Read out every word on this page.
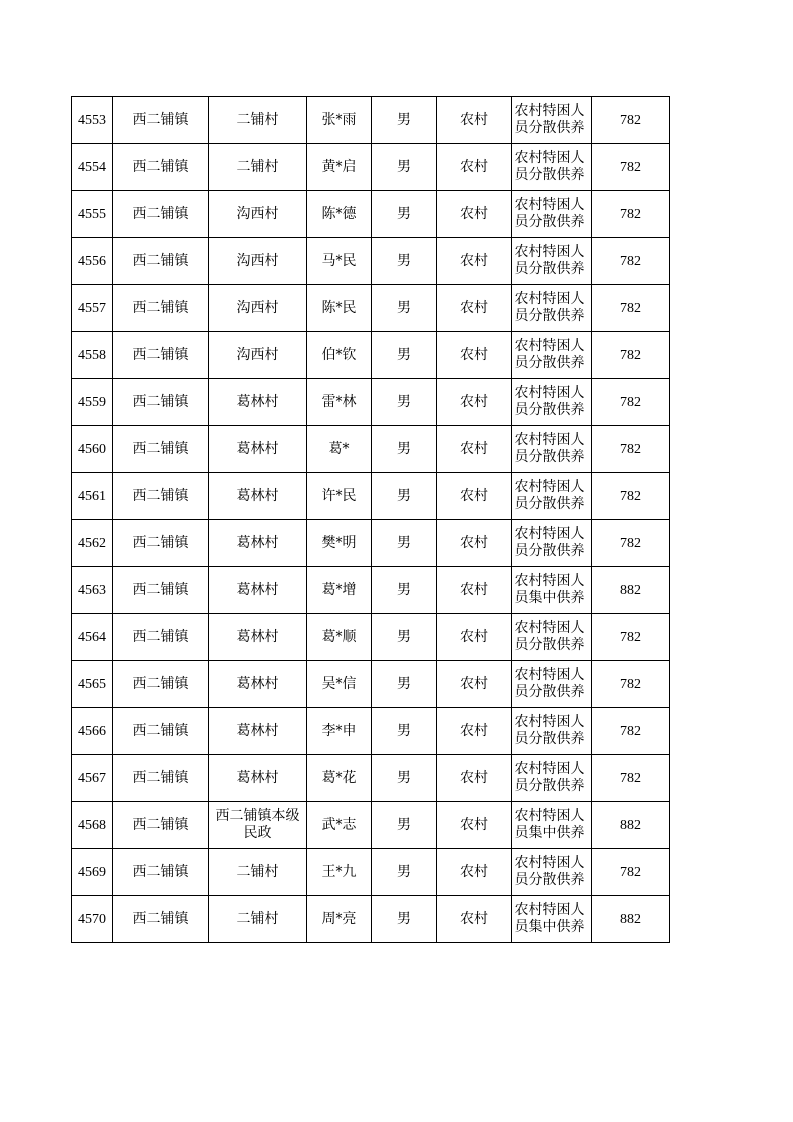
4553	西二铺镇	二铺村	张*雨	男	农村	农村特困人员分散供养	782
4554	西二铺镇	二铺村	黄*启	男	农村	农村特困人员分散供养	782
4555	西二铺镇	沟西村	陈*德	男	农村	农村特困人员分散供养	782
4556	西二铺镇	沟西村	马*民	男	农村	农村特困人员分散供养	782
4557	西二铺镇	沟西村	陈*民	男	农村	农村特困人员分散供养	782
4558	西二铺镇	沟西村	伯*钦	男	农村	农村特困人员分散供养	782
4559	西二铺镇	葛林村	雷*林	男	农村	农村特困人员分散供养	782
4560	西二铺镇	葛林村	葛*	男	农村	农村特困人员分散供养	782
4561	西二铺镇	葛林村	许*民	男	农村	农村特困人员分散供养	782
4562	西二铺镇	葛林村	樊*明	男	农村	农村特困人员分散供养	782
4563	西二铺镇	葛林村	葛*增	男	农村	农村特困人员集中供养	882
4564	西二铺镇	葛林村	葛*顺	男	农村	农村特困人员分散供养	782
4565	西二铺镇	葛林村	吴*信	男	农村	农村特困人员分散供养	782
4566	西二铺镇	葛林村	李*申	男	农村	农村特困人员分散供养	782
4567	西二铺镇	葛林村	葛*花	男	农村	农村特困人员分散供养	782
4568	西二铺镇	西二铺镇本级民政	武*志	男	农村	农村特困人员集中供养	882
4569	西二铺镇	二铺村	王*九	男	农村	农村特困人员分散供养	782
4570	西二铺镇	二铺村	周*亮	男	农村	农村特困人员集中供养	882
